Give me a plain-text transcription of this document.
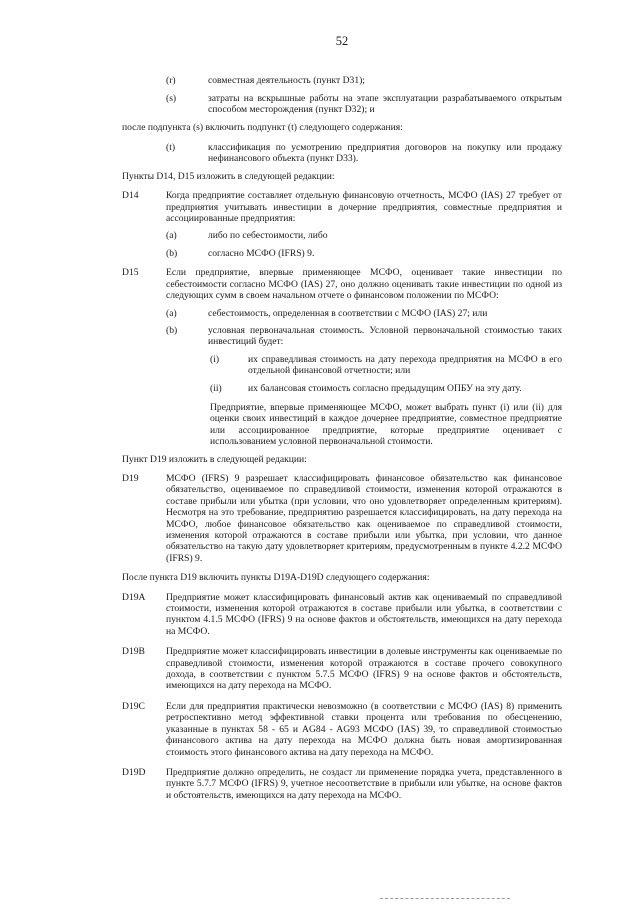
52
(r)	совместная деятельность (пункт D31);
(s)	затраты на вскрышные работы на этапе эксплуатации разрабатываемого открытым способом месторождения (пункт D32); и
после подпункта (s) включить подпункт (t) следующего содержания:
(t)	классификация по усмотрению предприятия договоров на покупку или продажу нефинансового объекта (пункт D33).
Пункты D14, D15 изложить в следующей редакции:
D14	Когда предприятие составляет отдельную финансовую отчетность, МСФО (IAS) 27 требует от предприятия учитывать инвестиции в дочерние предприятия, совместные предприятия и ассоциированные предприятия:
(a)	либо по себестоимости, либо
(b)	согласно МСФО (IFRS) 9.
D15	Если предприятие, впервые применяющее МСФО, оценивает такие инвестиции по себестоимости согласно МСФО (IAS) 27, оно должно оценивать такие инвестиции по одной из следующих сумм в своем начальном отчете о финансовом положении по МСФО:
(a)	себестоимость, определенная в соответствии с МСФО (IAS) 27; или
(b)	условная первоначальная стоимость. Условной первоначальной стоимостью таких инвестиций будет:
(i)	их справедливая стоимость на дату перехода предприятия на МСФО в его отдельной финансовой отчетности; или
(ii)	их балансовая стоимость согласно предыдущим ОПБУ на эту дату.
Предприятие, впервые применяющее МСФО, может выбрать пункт (i) или (ii) для оценки своих инвестиций в каждое дочернее предприятие, совместное предприятие или ассоциированное предприятие, которые предприятие оценивает с использованием условной первоначальной стоимости.
Пункт D19 изложить в следующей редакции:
D19	МСФО (IFRS) 9 разрешает классифицировать финансовое обязательство как финансовое обязательство, оцениваемое по справедливой стоимости, изменения которой отражаются в составе прибыли или убытка (при условии, что оно удовлетворяет определенным критериям). Несмотря на это требование, предприятию разрешается классифицировать, на дату перехода на МСФО, любое финансовое обязательство как оцениваемое по справедливой стоимости, изменения которой отражаются в составе прибыли или убытка, при условии, что данное обязательство на такую дату удовлетворяет критериям, предусмотренным в пункте 4.2.2 МСФО (IFRS) 9.
После пункта D19 включить пункты D19A-D19D следующего содержания:
D19A	Предприятие может классифицировать финансовый актив как оцениваемый по справедливой стоимости, изменения которой отражаются в составе прибыли или убытка, в соответствии с пунктом 4.1.5 МСФО (IFRS) 9 на основе фактов и обстоятельств, имеющихся на дату перехода на МСФО.
D19B	Предприятие может классифицировать инвестиции в долевые инструменты как оцениваемые по справедливой стоимости, изменения которой отражаются в составе прочего совокупного дохода, в соответствии с пунктом 5.7.5 МСФО (IFRS) 9 на основе фактов и обстоятельств, имеющихся на дату перехода на МСФО.
D19C	Если для предприятия практически невозможно (в соответствии с МСФО (IAS) 8) применить ретроспективно метод эффективной ставки процента или требования по обесценению, указанные в пунктах 58 - 65 и AG84 - AG93 МСФО (IAS) 39, то справедливой стоимостью финансового актива на дату перехода на МСФО должна быть новая амортизированная стоимость этого финансового актива на дату перехода на МСФО.
D19D	Предприятие должно определить, не создаст ли применение порядка учета, представленного в пункте 5.7.7 МСФО (IFRS) 9, учетное несоответствие в прибыли или убытке, на основе фактов и обстоятельств, имеющихся на дату перехода на МСФО.
